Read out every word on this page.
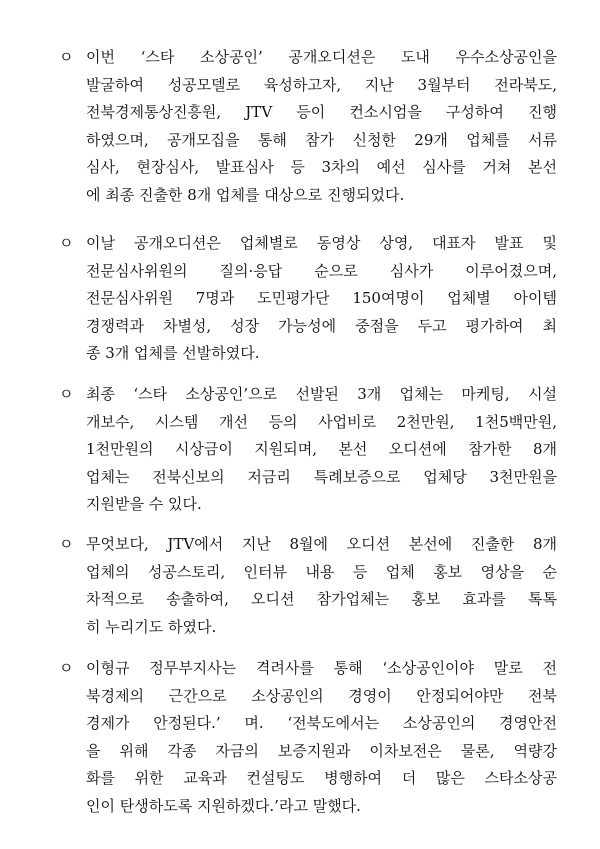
ㅇ 이번 ‘스타 소상공인’ 공개오디션은 도내 우수소상공인을
발굴하여 성공모델로 육성하고자, 지난 3월부터 전라북도,
전북경제통상진흥원, JTV 등이 컨소시엄을 구성하여 진행
하였으며, 공개모집을 통해 참가 신청한 29개 업체를 서류
심사, 현장심사, 발표심사 등 3차의 예선 심사를 거쳐 본선
에 최종 진출한 8개 업체를 대상으로 진행되었다.
ㅇ 이날 공개오디션은 업체별로 동영상 상영, 대표자 발표 및
전문심사위원의 질의·응답 순으로 심사가 이루어졌으며,
전문심사위원 7명과 도민평가단 150여명이 업체별 아이템
경쟁력과 차별성, 성장 가능성에 중점을 두고 평가하여 최
종 3개 업체를 선발하였다.
ㅇ 최종 ‘스타 소상공인’으로 선발된 3개 업체는 마케팅, 시설
개보수, 시스템 개선 등의 사업비로 2천만원, 1천5백만원,
1천만원의 시상금이 지원되며, 본선 오디션에 참가한 8개
업체는 전북신보의 저금리 특례보증으로 업체당 3천만원을
지원받을 수 있다.
ㅇ 무엇보다, JTV에서 지난 8월에 오디션 본선에 진출한 8개
업체의 성공스토리, 인터뷰 내용 등 업체 홍보 영상을 순
차적으로 송출하여, 오디션 참가업체는 홍보 효과를 톡톡
히 누리기도 하였다.
ㅇ 이형규 정무부지사는 격려사를 통해 ‘소상공인이야 말로 전
북경제의 근간으로 소상공인의 경영이 안정되어야만 전북
경제가 안정된다.’ 며. ‘전북도에서는 소상공인의 경영안전
을 위해 각종 자금의 보증지원과 이차보전은 물론, 역량강
화를 위한 교육과 컨설팅도 병행하여 더 많은 스타소상공
인이 탄생하도록 지원하겠다.’라고 말했다.
